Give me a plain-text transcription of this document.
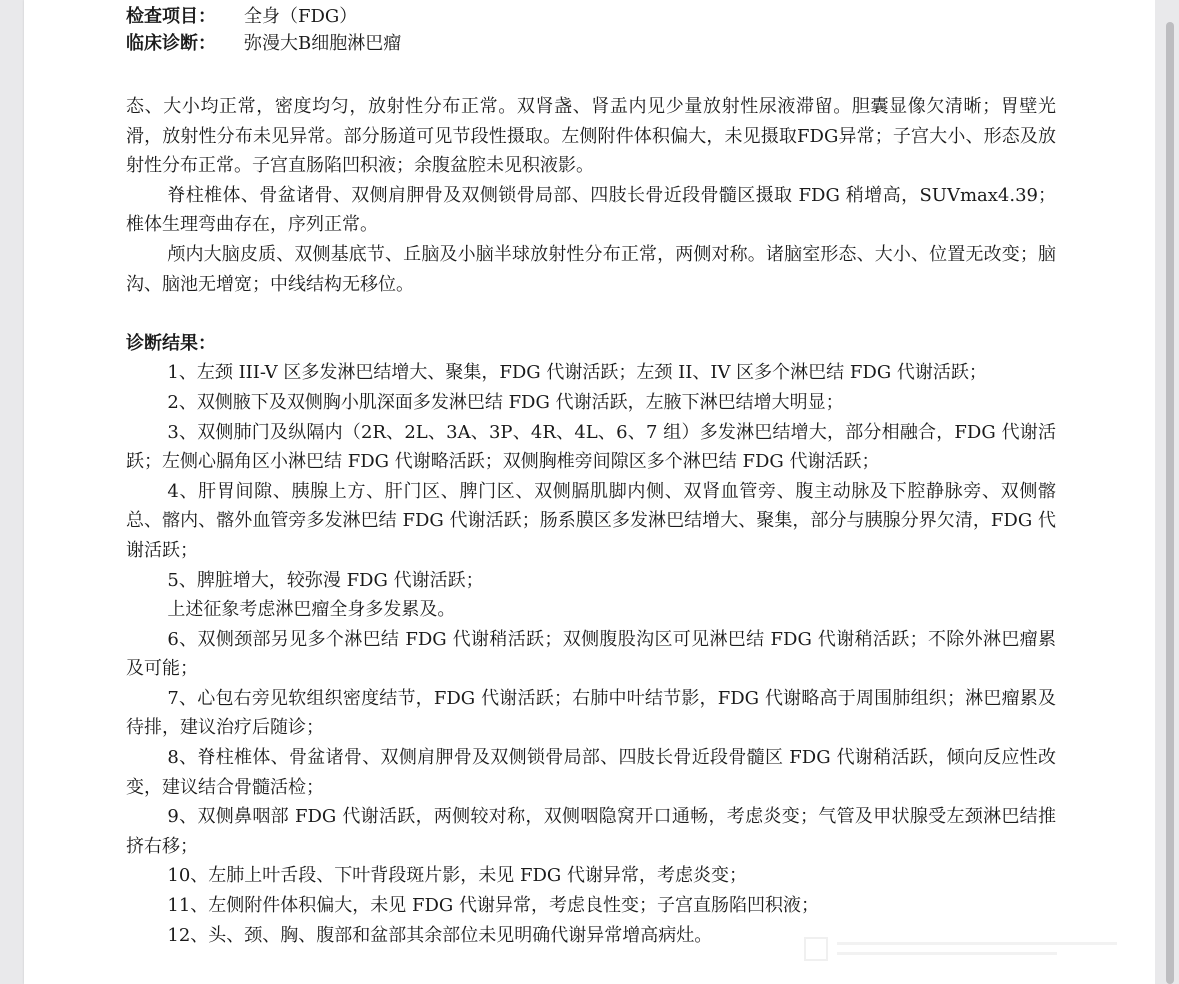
检查项目： 全身（FDG）
临床诊断： 弥漫大B细胞淋巴瘤

态、大小均正常，密度均匀，放射性分布正常。双肾盏、肾盂内见少量放射性尿液滞留。胆囊显像欠清晰；胃壁光滑，放射性分布未见异常。部分肠道可见节段性摄取。左侧附件体积偏大，未见摄取FDG异常；子宫大小、形态及放射性分布正常。子宫直肠陷凹积液；余腹盆腔未见积液影。

脊柱椎体、骨盆诸骨、双侧肩胛骨及双侧锁骨局部、四肢长骨近段骨髓区摄取 FDG 稍增高，SUVmax4.39；椎体生理弯曲存在，序列正常。

颅内大脑皮质、双侧基底节、丘脑及小脑半球放射性分布正常，两侧对称。诸脑室形态、大小、位置无改变；脑沟、脑池无增宽；中线结构无移位。

诊断结果：

1、左颈 III-V 区多发淋巴结增大、聚集，FDG 代谢活跃；左颈 II、IV 区多个淋巴结 FDG 代谢活跃；

2、双侧腋下及双侧胸小肌深面多发淋巴结 FDG 代谢活跃，左腋下淋巴结增大明显；

3、双侧肺门及纵隔内（2R、2L、3A、3P、4R、4L、6、7 组）多发淋巴结增大，部分相融合，FDG 代谢活跃；左侧心膈角区小淋巴结 FDG 代谢略活跃；双侧胸椎旁间隙区多个淋巴结 FDG 代谢活跃；

4、肝胃间隙、胰腺上方、肝门区、脾门区、双侧膈肌脚内侧、双肾血管旁、腹主动脉及下腔静脉旁、双侧髂总、髂内、髂外血管旁多发淋巴结 FDG 代谢活跃；肠系膜区多发淋巴结增大、聚集，部分与胰腺分界欠清，FDG 代谢活跃；

5、脾脏增大，较弥漫 FDG 代谢活跃；

上述征象考虑淋巴瘤全身多发累及。

6、双侧颈部另见多个淋巴结 FDG 代谢稍活跃；双侧腹股沟区可见淋巴结 FDG 代谢稍活跃；不除外淋巴瘤累及可能；

7、心包右旁见软组织密度结节，FDG 代谢活跃；右肺中叶结节影，FDG 代谢略高于周围肺组织；淋巴瘤累及待排，建议治疗后随诊；

8、脊柱椎体、骨盆诸骨、双侧肩胛骨及双侧锁骨局部、四肢长骨近段骨髓区 FDG 代谢稍活跃，倾向反应性改变，建议结合骨髓活检；

9、双侧鼻咽部 FDG 代谢活跃，两侧较对称，双侧咽隐窝开口通畅，考虑炎变；气管及甲状腺受左颈淋巴结推挤右移；

10、左肺上叶舌段、下叶背段斑片影，未见 FDG 代谢异常，考虑炎变；

11、左侧附件体积偏大，未见 FDG 代谢异常，考虑良性变；子宫直肠陷凹积液；

12、头、颈、胸、腹部和盆部其余部位未见明确代谢异常增高病灶。
